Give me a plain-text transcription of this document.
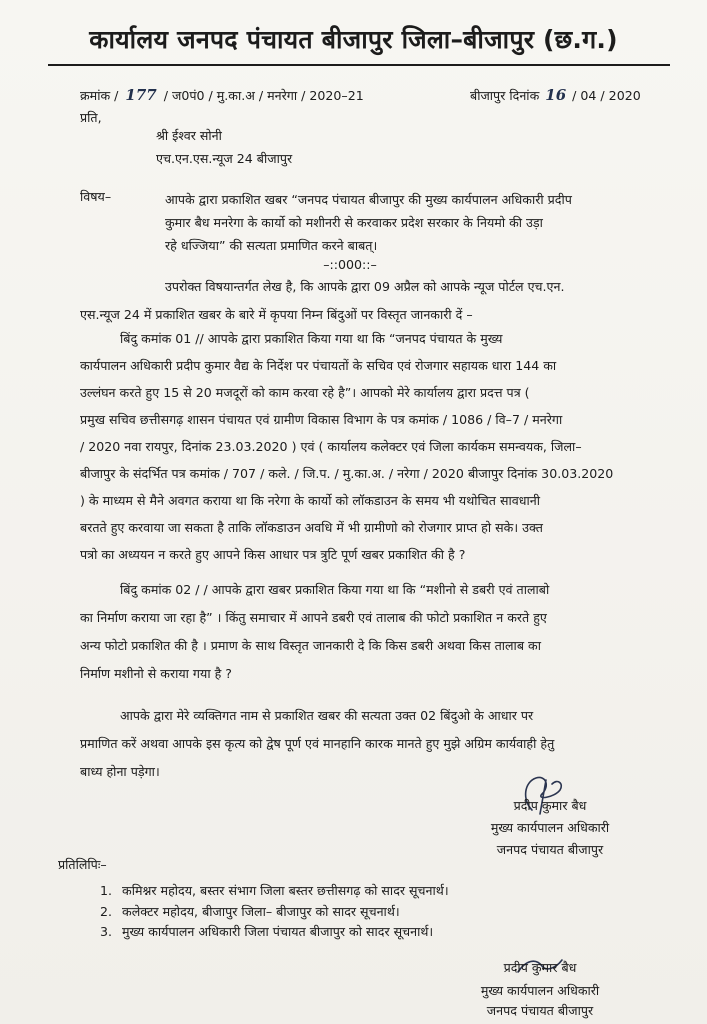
कार्यालय जनपद पंचायत बीजापुर जिला–बीजापुर (छ.ग.)
क्रमांक / 177 / ज0पं0 / मु.का.अ / मनरेगा / 2020–21	बीजापुर दिनांक 16 / 04 / 2020
प्रति,
श्री ईश्वर सोनी
एच.एन.एस.न्यूज 24 बीजापुर
विषय–	आपके द्वारा प्रकाशित खबर “जनपद पंचायत बीजापुर की मुख्य कार्यपालन अधिकारी प्रदीप
कुमार बैध मनरेगा के कार्यो को मशीनरी से करवाकर प्रदेश सरकार के नियमो की उड़ा
रहे धज्जिया” की सत्यता प्रमाणित करने बाबत्।
–::000::–
उपरोक्त विषयान्तर्गत लेख है, कि आपके द्वारा 09 अप्रैल को आपके न्यूज पोर्टल एच.एन.
एस.न्यूज 24 में प्रकाशित खबर के बारे में कृपया निम्न बिंदुओं पर विस्तृत जानकारी दें –
बिंदु कमांक 01 // आपके द्वारा प्रकाशित किया गया था कि “जनपद पंचायत के मुख्य
कार्यपालन अधिकारी प्रदीप कुमार वैद्य के निर्देश पर पंचायतों के सचिव एवं रोजगार सहायक धारा 144 का
उल्लंघन करते हुए 15 से 20 मजदूरों को काम करवा रहे है”। आपको मेरे कार्यालय द्वारा प्रदत्त पत्र (
प्रमुख सचिव छत्तीसगढ़ शासन पंचायत एवं ग्रामीण विकास विभाग के पत्र कमांक / 1086 / वि–7 / मनरेगा
/ 2020 नवा रायपुर, दिनांक 23.03.2020 ) एवं ( कार्यालय कलेक्टर एवं जिला कार्यकम समन्वयक, जिला–
बीजापुर के संदर्भित पत्र कमांक / 707 / कले. / जि.प. / मु.का.अ. / नरेगा / 2020 बीजापुर दिनांक 30.03.2020
) के माध्यम से मैने अवगत कराया था कि नरेगा के कार्यो को लॉकडाउन के समय भी यथोचित सावधानी
बरतते हुए करवाया जा सकता है ताकि लॉकडाउन अवधि में भी ग्रामीणो को रोजगार प्राप्त हो सके। उक्त
पत्रो का अध्ययन न करते हुए आपने किस आधार पत्र त्रुटि पूर्ण खबर प्रकाशित की है ?
बिंदु कमांक 02 / / आपके द्वारा खबर प्रकाशित किया गया था कि “मशीनो से डबरी एवं तालाबो
का निर्माण कराया जा रहा है” । किंतु समाचार में आपने डबरी एवं तालाब की फोटो प्रकाशित न करते हुए
अन्य फोटो प्रकाशित की है । प्रमाण के साथ विस्तृत जानकारी दे कि किस डबरी अथवा किस तालाब का
निर्माण मशीनो से कराया गया है ?
आपके द्वारा मेरे व्यक्तिगत नाम से प्रकाशित खबर की सत्यता उक्त 02 बिंदुओ के आधार पर
प्रमाणित करें अथवा आपके इस कृत्य को द्वेष पूर्ण एवं मानहानि कारक मानते हुए मुझे अग्रिम कार्यवाही हेतु
बाध्य होना पड़ेगा।
प्रदीप कुमार बैध
मुख्य कार्यपालन अधिकारी
जनपद पंचायत बीजापुर
प्रतिलिपिः–
1. कमिश्नर महोदय, बस्तर संभाग जिला बस्तर छत्तीसगढ़ को सादर सूचनार्थ।
2. कलेक्टर महोदय, बीजापुर जिला– बीजापुर को सादर सूचनार्थ।
3. मुख्य कार्यपालन अधिकारी जिला पंचायत बीजापुर को सादर सूचनार्थ।
प्रदीप कुमार बैध
मुख्य कार्यपालन अधिकारी
जनपद पंचायत बीजापुर
